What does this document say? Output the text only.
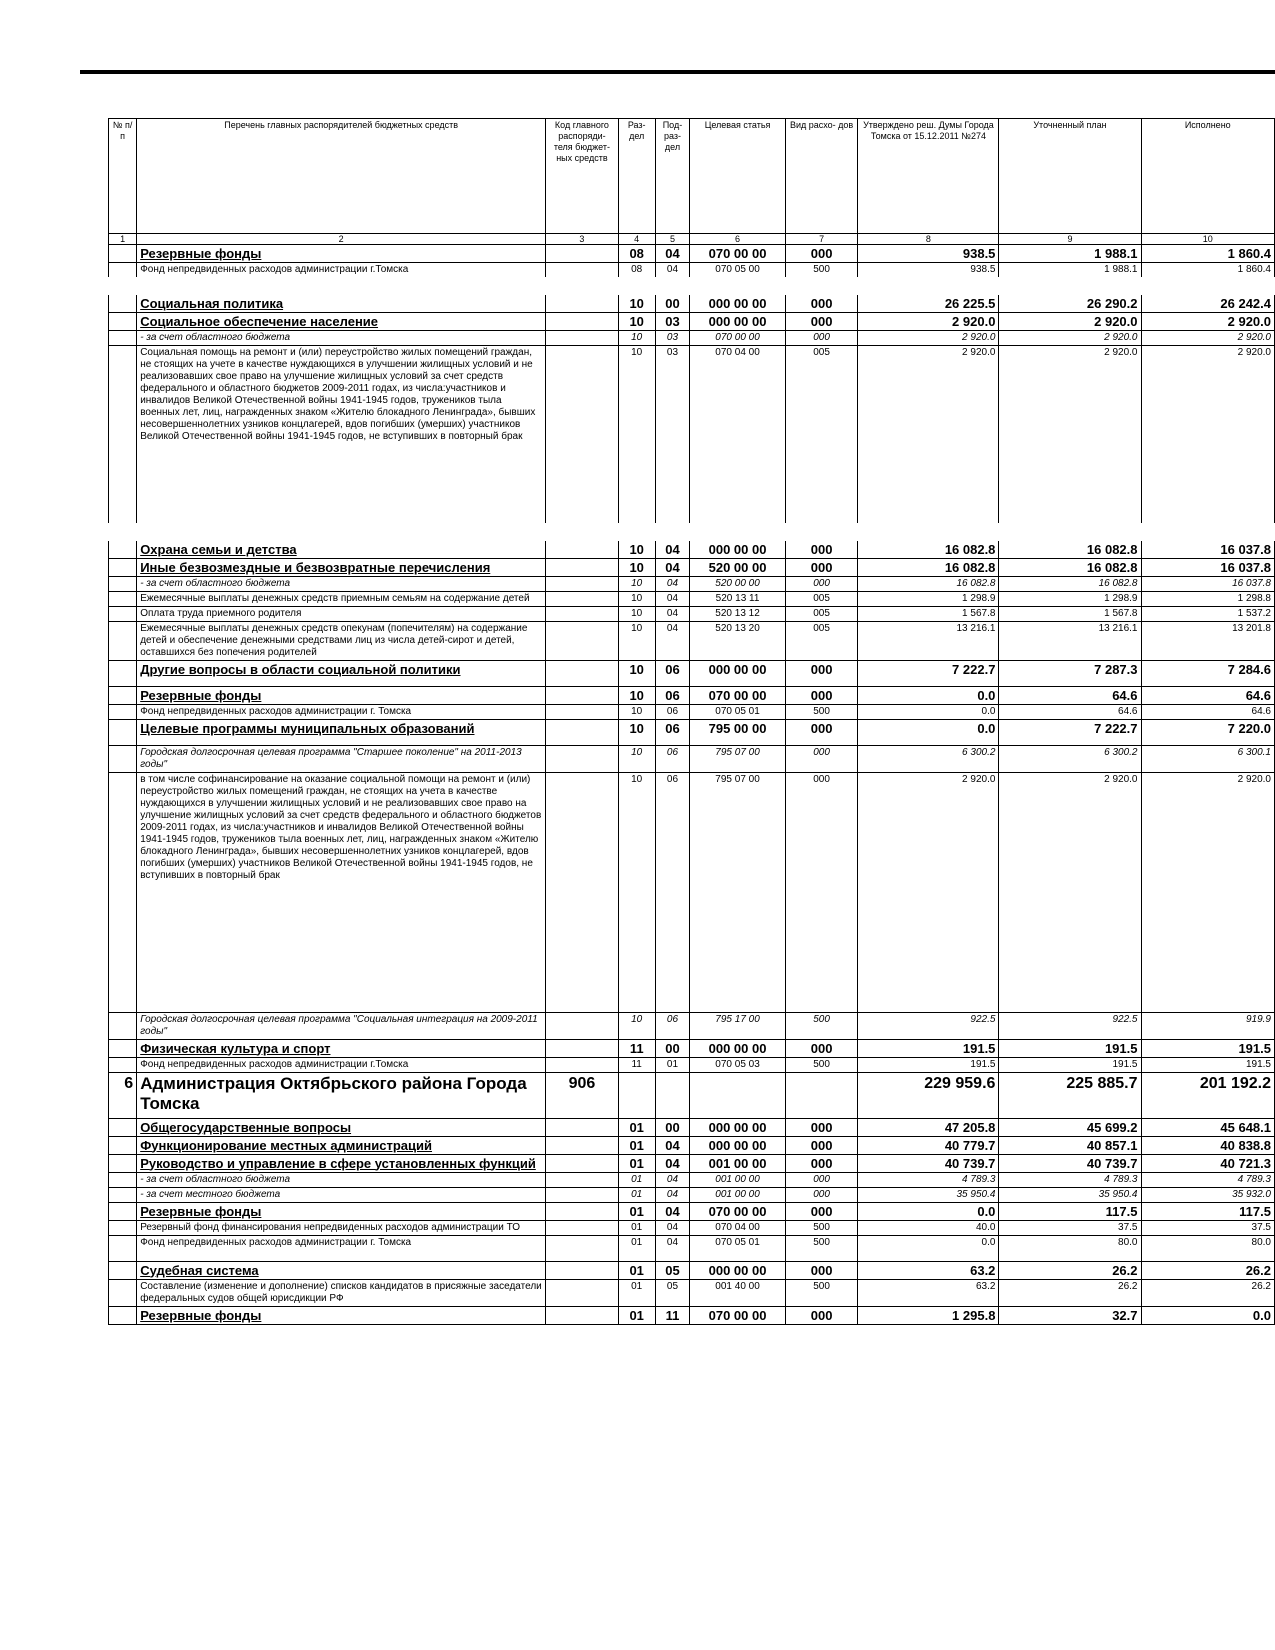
№ п/п	Перечень главных распорядителей бюджетных средств	Код главного распоряди- теля бюджет- ных средств	Раз- дел	Под- раз- дел	Целевая статья	Вид расхо- дов	Утверждено реш. Думы Города Томска от 15.12.2011 №274	Уточненный план	Исполнено
1	2	3	4	5	6	7	8	9	10
	Резервные фонды		08	04	070 00 00	000	938.5	1 988.1	1 860.4
	Фонд непредвиденных расходов администрации г.Томска		08	04	070 05 00	500	938.5	1 988.1	1 860.4
	Социальная политика		10	00	000 00 00	000	26 225.5	26 290.2	26 242.4
	Социальное обеспечение население		10	03	000 00 00	000	2 920.0	2 920.0	2 920.0
	- за счет областного бюджета		10	03	070 00 00	000	2 920.0	2 920.0	2 920.0
	Социальная помощь на ремонт и (или) переустройство жилых помещений граждан, не стоящих на учете в качестве нуждающихся в улучшении жилищных условий и не реализовавших свое право на улучшение жилищных условий за счет средств федерального и областного бюджетов 2009-2011 годах, из числа:участников и инвалидов Великой Отечественной войны 1941-1945 годов, тружеников тыла военных лет, лиц, награжденных знаком «Жителю блокадного Ленинграда», бывших несовершеннолетних узников концлагерей, вдов погибших (умерших) участников Великой Отечественной войны 1941-1945 годов, не вступивших в повторный брак		10	03	070 04 00	005	2 920.0	2 920.0	2 920.0
	Охрана семьи и детства		10	04	000 00 00	000	16 082.8	16 082.8	16 037.8
	Иные безвозмездные и безвозвратные перечисления		10	04	520 00 00	000	16 082.8	16 082.8	16 037.8
	- за счет областного бюджета		10	04	520 00 00	000	16 082.8	16 082.8	16 037.8
	Ежемесячные выплаты денежных средств приемным семьям на содержание детей		10	04	520 13 11	005	1 298.9	1 298.9	1 298.8
	Оплата труда приемного родителя		10	04	520 13 12	005	1 567.8	1 567.8	1 537.2
	Ежемесячные выплаты денежных средств опекунам (попечителям) на содержание детей и обеспечение денежными средствами лиц из числа детей-сирот и детей, оставшихся без попечения родителей		10	04	520 13 20	005	13 216.1	13 216.1	13 201.8
	Другие вопросы в области социальной политики		10	06	000 00 00	000	7 222.7	7 287.3	7 284.6
	Резервные фонды		10	06	070 00 00	000	0.0	64.6	64.6
	Фонд непредвиденных расходов администрации г. Томска		10	06	070 05 01	500	0.0	64.6	64.6
	Целевые программы муниципальных образований		10	06	795 00 00	000	0.0	7 222.7	7 220.0
	Городская долгосрочная целевая программа "Старшее поколение" на 2011-2013 годы"		10	06	795 07 00	000	6 300.2	6 300.2	6 300.1
	в том числе софинансирование на оказание социальной помощи на ремонт и (или) переустройство жилых помещений граждан, не стоящих на учета в качестве нуждающихся в улучшении жилищных условий и не реализовавших свое право на улучшение жилищных условий за счет средств федерального и областного бюджетов 2009-2011 годах, из числа:участников и инвалидов Великой Отечественной войны 1941-1945 годов, тружеников тыла военных лет, лиц, награжденных знаком «Жителю блокадного Ленинграда», бывших несовершеннолетних узников концлагерей, вдов погибших (умерших) участников Великой Отечественной войны 1941-1945 годов, не вступивших в повторный брак		10	06	795 07 00	000	2 920.0	2 920.0	2 920.0
	Городская долгосрочная целевая программа "Социальная интеграция на 2009-2011 годы"		10	06	795 17 00	500	922.5	922.5	919.9
	Физическая культура и спорт		11	00	000 00 00	000	191.5	191.5	191.5
	Фонд непредвиденных расходов администрации г.Томска		11	01	070 05 03	500	191.5	191.5	191.5
6	Администрация Октябрьского района Города Томска	906					229 959.6	225 885.7	201 192.2
	Общегосударственные вопросы		01	00	000 00 00	000	47 205.8	45 699.2	45 648.1
	Функционирование местных администраций		01	04	000 00 00	000	40 779.7	40 857.1	40 838.8
	Руководство и управление в сфере установленных функций		01	04	001 00 00	000	40 739.7	40 739.7	40 721.3
	- за счет областного бюджета		01	04	001 00 00	000	4 789.3	4 789.3	4 789.3
	- за счет местного бюджета		01	04	001 00 00	000	35 950.4	35 950.4	35 932.0
	Резервные фонды		01	04	070 00 00	000	0.0	117.5	117.5
	Резервный фонд финансирования непредвиденных расходов администрации ТО		01	04	070 04 00	500	40.0	37.5	37.5
	Фонд непредвиденных расходов администрации г. Томска		01	04	070 05 01	500	0.0	80.0	80.0
	Судебная система		01	05	000 00 00	000	63.2	26.2	26.2
	Составление (изменение и дополнение) списков кандидатов в присяжные заседатели федеральных судов общей юрисдикции РФ		01	05	001 40 00	500	63.2	26.2	26.2
	Резервные фонды		01	11	070 00 00	000	1 295.8	32.7	0.0
